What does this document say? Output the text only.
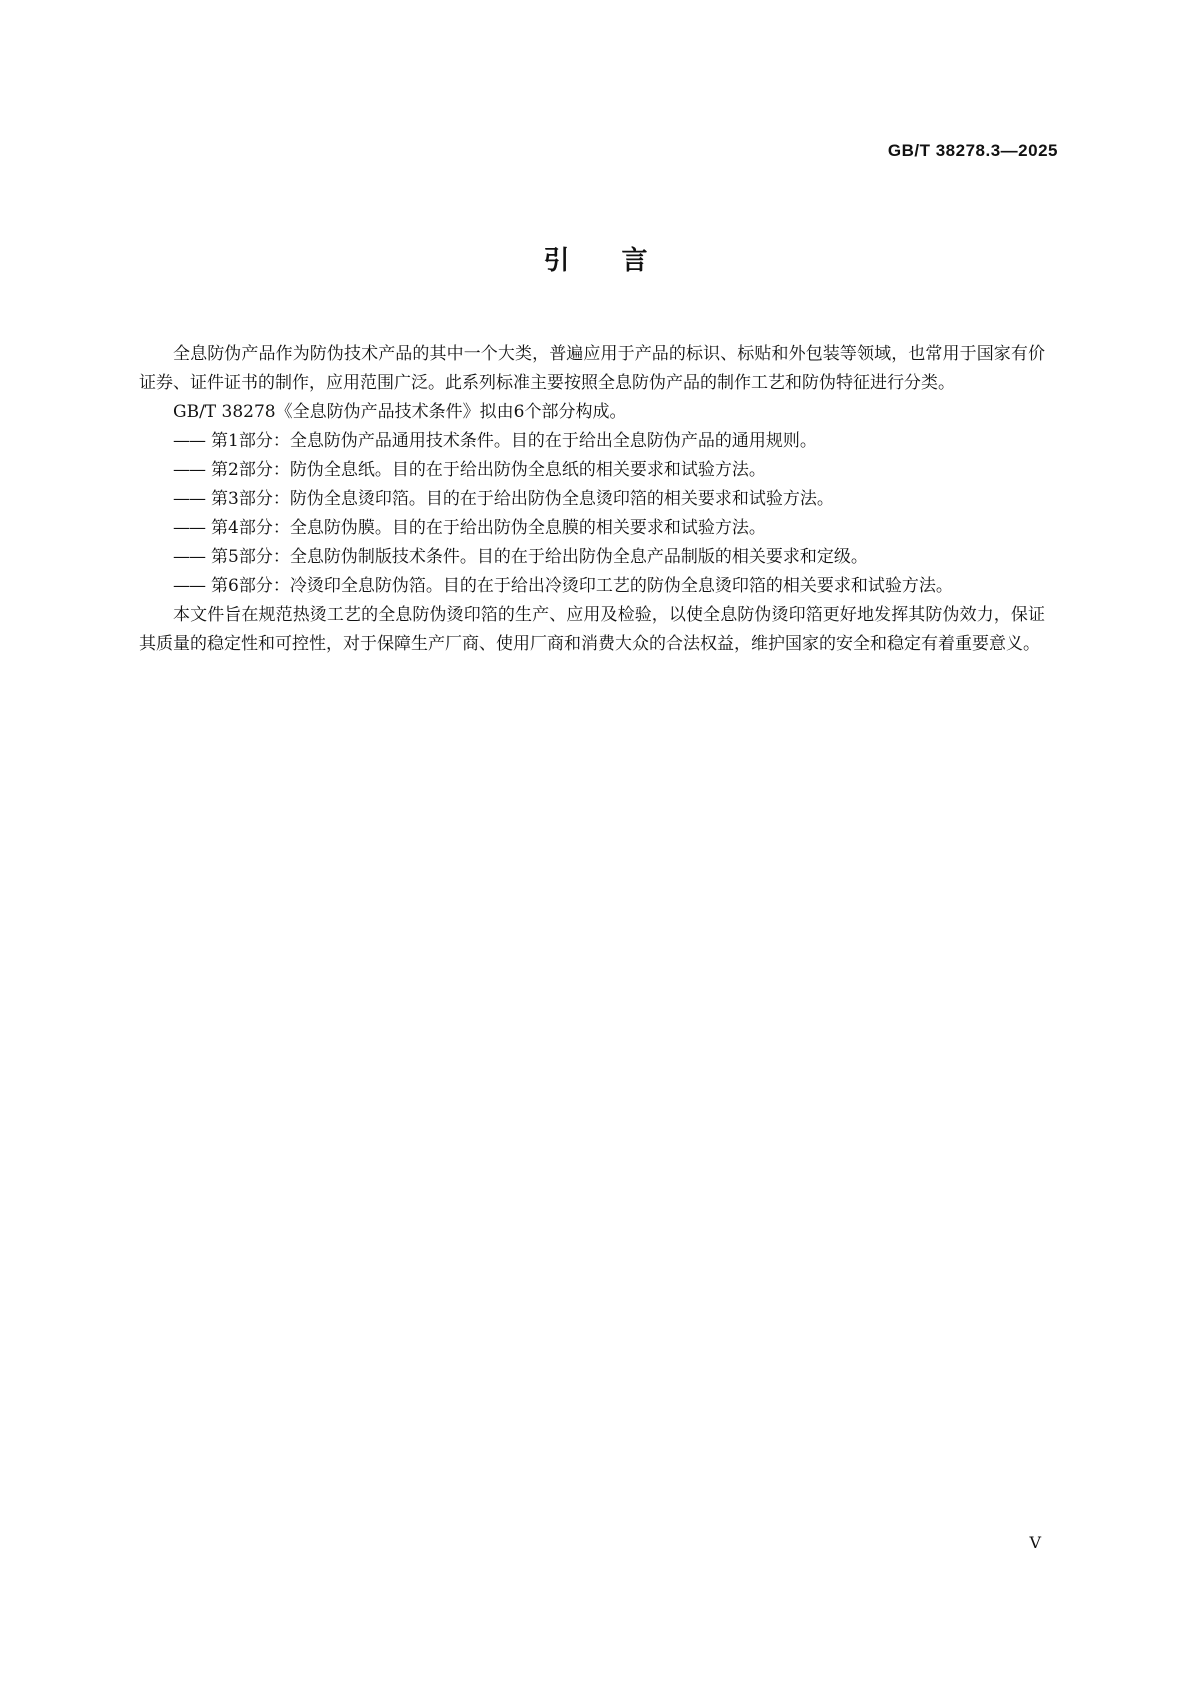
GB/T 38278.3—2025
引言

全息防伪产品作为防伪技术产品的其中一个大类，普遍应用于产品的标识、标贴和外包装等领域，也常用于国家有价证券、证件证书的制作，应用范围广泛。此系列标准主要按照全息防伪产品的制作工艺和防伪特征进行分类。

GB/T 38278《全息防伪产品技术条件》拟由6个部分构成。

—— 第1部分：全息防伪产品通用技术条件。目的在于给出全息防伪产品的通用规则。
—— 第2部分：防伪全息纸。目的在于给出防伪全息纸的相关要求和试验方法。
—— 第3部分：防伪全息烫印箔。目的在于给出防伪全息烫印箔的相关要求和试验方法。
—— 第4部分：全息防伪膜。目的在于给出防伪全息膜的相关要求和试验方法。
—— 第5部分：全息防伪制版技术条件。目的在于给出防伪全息产品制版的相关要求和定级。
—— 第6部分：冷烫印全息防伪箔。目的在于给出冷烫印工艺的防伪全息烫印箔的相关要求和试验方法。

本文件旨在规范热烫工艺的全息防伪烫印箔的生产、应用及检验，以使全息防伪烫印箔更好地发挥其防伪效力，保证其质量的稳定性和可控性，对于保障生产厂商、使用厂商和消费大众的合法权益，维护国家的安全和稳定有着重要意义。

V
